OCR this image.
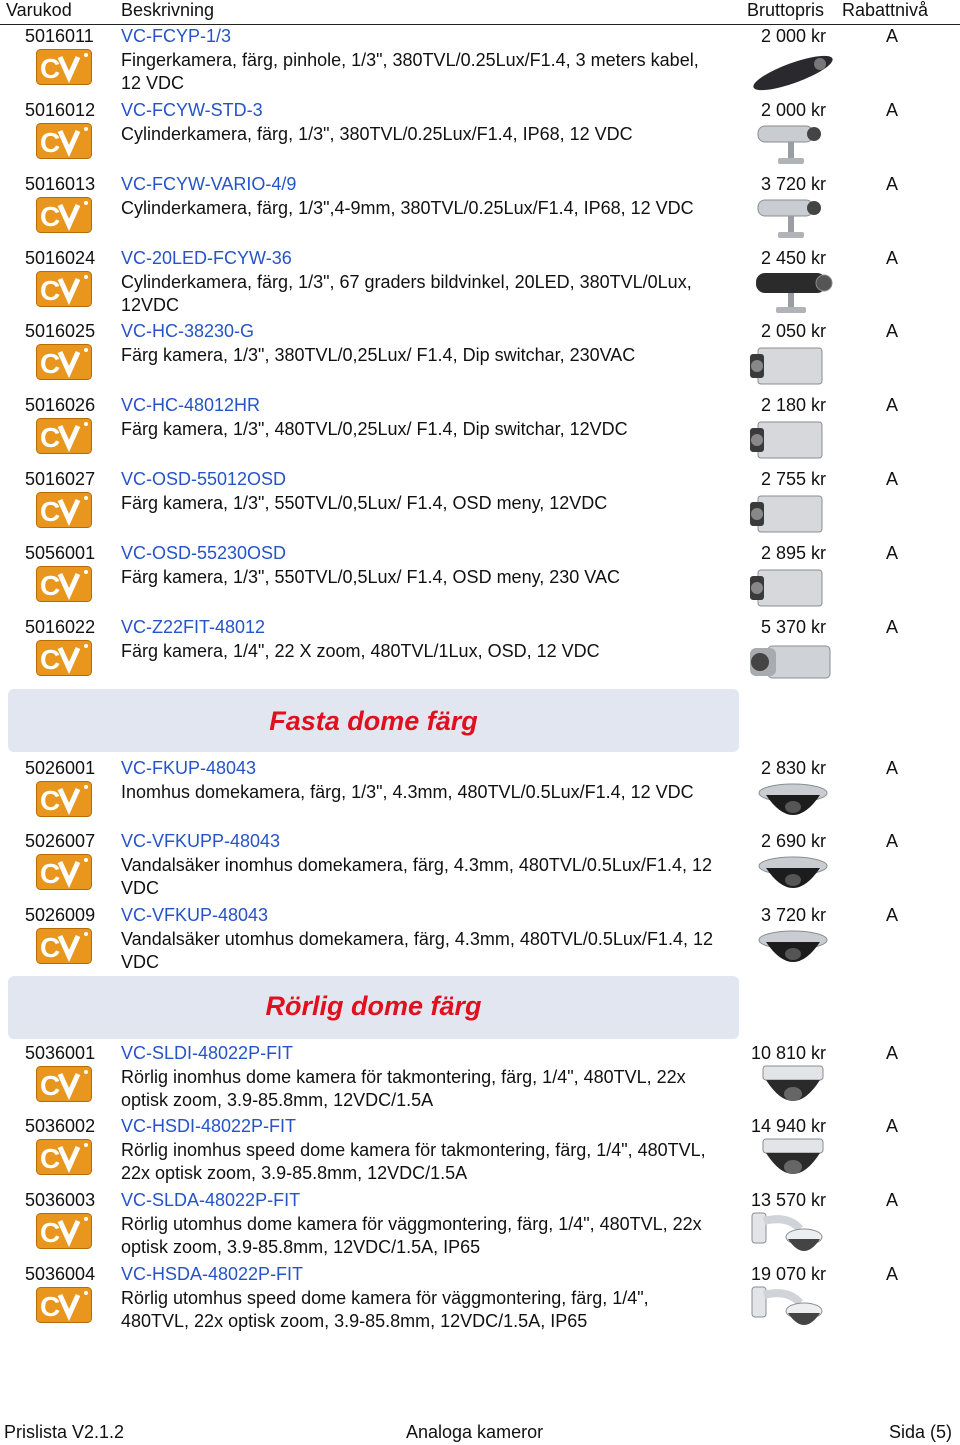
Varukod	Beskrivning	Bruttopris Rabattnivå
Fasta dome färg
Rörlig dome färg
5016011 VC-FCYP-1/3
Fingerkamera, färg, pinhole, 1/3", 380TVL/0.25Lux/F1.4, 3 meters kabel, 12 VDC
2 000 kr	A
C
5016012 VC-FCYW-STD-3
Cylinderkamera, färg, 1/3", 380TVL/0.25Lux/F1.4, IP68, 12 VDC
2 000 kr	A
C
5016013 VC-FCYW-VARIO-4/9
Cylinderkamera, färg, 1/3",4-9mm, 380TVL/0.25Lux/F1.4, IP68, 12 VDC
3 720 kr	A
C
5016024 VC-20LED-FCYW-36
Cylinderkamera, färg, 1/3", 67 graders bildvinkel, 20LED, 380TVL/0Lux, 12VDC
2 450 kr	A
C
5016025 VC-HC-38230-G
Färg kamera, 1/3", 380TVL/0,25Lux/ F1.4, Dip switchar, 230VAC
2 050 kr	A
C
5016026 VC-HC-48012HR
Färg kamera, 1/3", 480TVL/0,25Lux/ F1.4, Dip switchar, 12VDC
2 180 kr	A
C
5016027 VC-OSD-55012OSD
Färg kamera, 1/3", 550TVL/0,5Lux/ F1.4, OSD meny, 12VDC
2 755 kr	A
C
5056001 VC-OSD-55230OSD
Färg kamera, 1/3", 550TVL/0,5Lux/ F1.4, OSD meny, 230 VAC
2 895 kr	A
C
5016022 VC-Z22FIT-48012
Färg kamera, 1/4", 22 X zoom, 480TVL/1Lux, OSD, 12 VDC
5 370 kr	A
C
5026001 VC-FKUP-48043
Inomhus domekamera, färg, 1/3", 4.3mm, 480TVL/0.5Lux/F1.4, 12 VDC
2 830 kr	A
C
5026007 VC-VFKUPP-48043
Vandalsäker inomhus domekamera, färg, 4.3mm, 480TVL/0.5Lux/F1.4, 12 VDC
2 690 kr	A
C
5026009 VC-VFKUP-48043
Vandalsäker utomhus domekamera, färg, 4.3mm, 480TVL/0.5Lux/F1.4, 12 VDC
3 720 kr	A
C
5036001 VC-SLDI-48022P-FIT
Rörlig inomhus dome kamera för takmontering, färg, 1/4", 480TVL, 22x optisk zoom, 3.9-85.8mm, 12VDC/1.5A
10 810 kr	A
C
5036002 VC-HSDI-48022P-FIT
Rörlig inomhus speed dome kamera för takmontering, färg, 1/4", 480TVL, 22x optisk zoom, 3.9-85.8mm, 12VDC/1.5A
14 940 kr	A
C
5036003 VC-SLDA-48022P-FIT
Rörlig utomhus dome kamera för väggmontering, färg, 1/4", 480TVL, 22x optisk zoom, 3.9-85.8mm, 12VDC/1.5A, IP65
13 570 kr	A
C
5036004 VC-HSDA-48022P-FIT
Rörlig utomhus speed dome kamera för väggmontering, färg, 1/4", 480TVL, 22x optisk zoom, 3.9-85.8mm, 12VDC/1.5A, IP65
19 070 kr	A
C
Prislista V2.1.2	Analoga kameror	Sida (5)
